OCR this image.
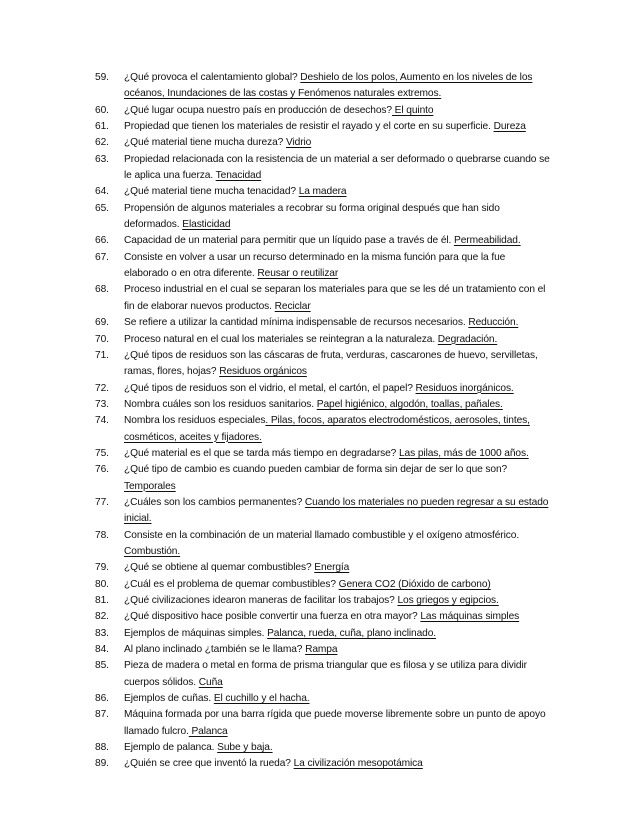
59.	¿Qué provoca el calentamiento global? Deshielo de los polos, Aumento en los niveles de los océanos, Inundaciones de las costas y Fenómenos naturales extremos.
60.	¿Qué lugar ocupa nuestro país en producción de desechos? El quinto
61.	Propiedad que tienen los materiales de resistir el rayado y el corte en su superficie. Dureza
62.	¿Qué material tiene mucha dureza? Vidrio
63.	Propiedad relacionada con la resistencia de un material a ser deformado o quebrarse cuando se le aplica una fuerza. Tenacidad
64.	¿Qué material tiene mucha tenacidad? La madera
65.	Propensión de algunos materiales a recobrar su forma original después que han sido deformados. Elasticidad
66.	Capacidad de un material para permitir que un líquido pase a través de él. Permeabilidad.
67.	Consiste en volver a usar un recurso determinado en la misma función para que la fue elaborado o en otra diferente. Reusar o reutilizar
68.	Proceso industrial en el cual se separan los materiales para que se les dé un tratamiento con el fin de elaborar nuevos productos. Reciclar
69.	Se refiere a utilizar la cantidad mínima indispensable de recursos necesarios. Reducción.
70.	Proceso natural en el cual los materiales se reintegran a la naturaleza. Degradación.
71.	¿Qué tipos de residuos son las cáscaras de fruta, verduras, cascarones de huevo, servilletas, ramas, flores, hojas? Residuos orgánicos
72.	¿Qué tipos de residuos son el vidrio, el metal, el cartón, el papel? Residuos inorgánicos.
73.	Nombra cuáles son los residuos sanitarios. Papel higiénico, algodón, toallas, pañales.
74.	Nombra los residuos especiales. Pilas, focos, aparatos electrodomésticos, aerosoles, tintes, cosméticos, aceites y fijadores.
75.	¿Qué material es el que se tarda más tiempo en degradarse? Las pilas, más de 1000 años.
76.	¿Qué tipo de cambio es cuando pueden cambiar de forma sin dejar de ser lo que son? Temporales
77.	¿Cuáles son los cambios permanentes? Cuando los materiales no pueden regresar a su estado inicial.
78.	Consiste en la combinación de un material llamado combustible y el oxígeno atmosférico. Combustión.
79.	¿Qué se obtiene al quemar combustibles? Energía
80.	¿Cuál es el problema de quemar combustibles? Genera CO2 (Dióxido de carbono)
81.	¿Qué civilizaciones idearon maneras de facilitar los trabajos? Los griegos y egipcios.
82.	¿Qué dispositivo hace posible convertir una fuerza en otra mayor? Las máquinas simples
83.	Ejemplos de máquinas simples. Palanca, rueda, cuña, plano inclinado.
84.	Al plano inclinado ¿también se le llama? Rampa
85.	Pieza de madera o metal en forma de prisma triangular que es filosa y se utiliza para dividir cuerpos sólidos. Cuña
86.	Ejemplos de cuñas. El cuchillo y el hacha.
87.	Máquina formada por una barra rígida que puede moverse libremente sobre un punto de apoyo llamado fulcro. Palanca
88.	Ejemplo de palanca. Sube y baja.
89.	¿Quién se cree que inventó la rueda? La civilización mesopotámica
